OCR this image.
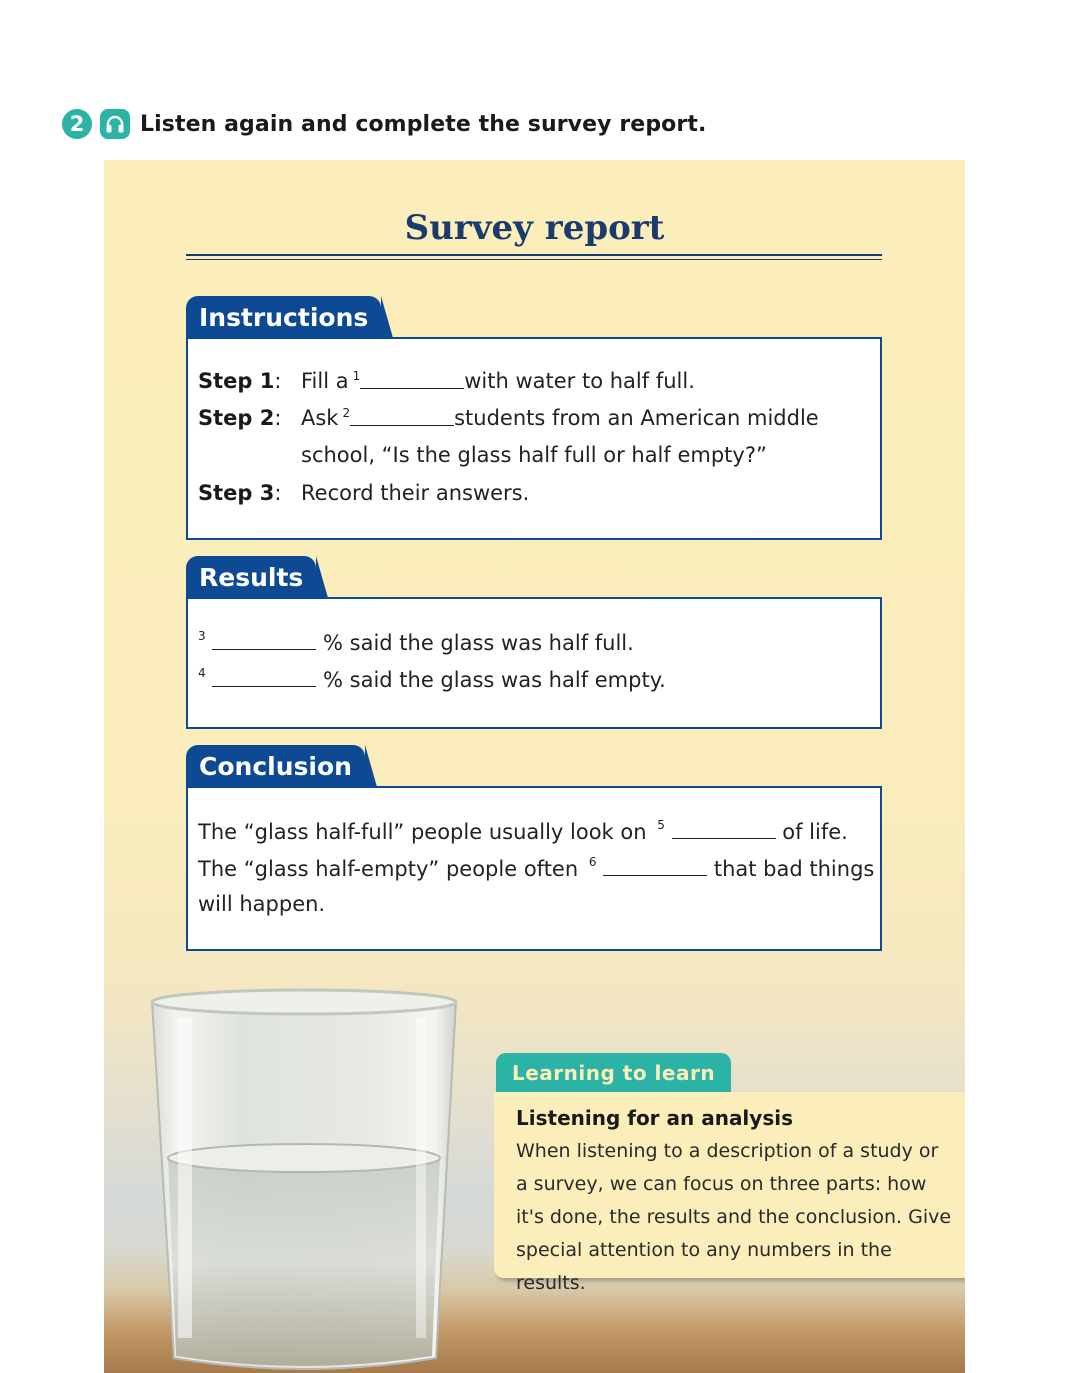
2	Listen again and complete the survey report.
Survey report
Instructions
Step 1: Fill a 1	with water to half full.
Step 2: Ask 2	students from an American middle
school, “Is the glass half full or half empty?”
Step 3: Record their answers.
Results
$^3$	% said the glass was half full.
$^4$	% said the glass was half empty.
Conclusion
The “glass half-full” people usually look on $^5$	of life.
The “glass half-empty” people often $^6$	that bad things
will happen.
Learning to learn
Listening for an analysis
When listening to a description of a study or a survey, we can focus on three parts: how it's done, the results and the conclusion. Give special attention to any numbers in the results.
